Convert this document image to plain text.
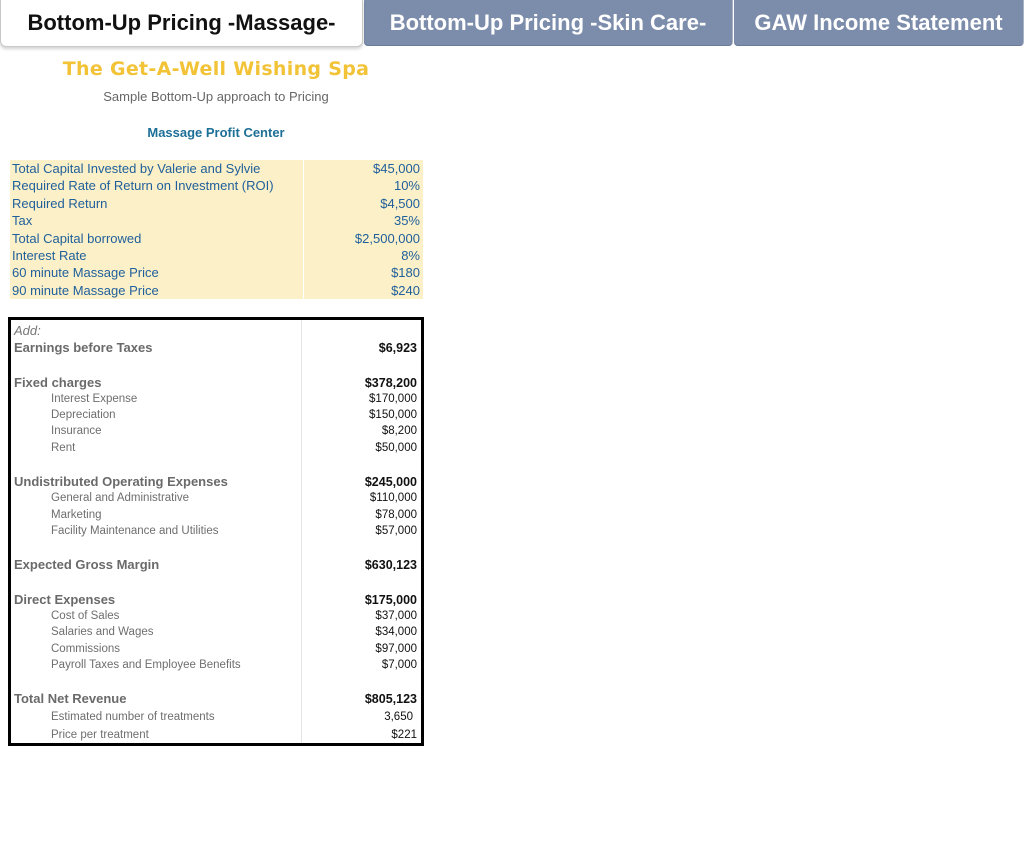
Bottom-Up Pricing -Massage-	Bottom-Up Pricing -Skin Care-	GAW Income Statement
The Get-A-Well Wishing Spa
Sample Bottom-Up approach to Pricing
Massage Profit Center
Total Capital Invested by Valerie and Sylvie	$45,000
Required Rate of Return on Investment (ROI)	10%
Required Return	$4,500
Tax	35%
Total Capital borrowed	$2,500,000
Interest Rate	8%
60 minute Massage Price	$180
90 minute Massage Price	$240
Add:
Earnings before Taxes	$6,923
Fixed charges	$378,200
Interest Expense	$170,000
Depreciation	$150,000
Insurance	$8,200
Rent	$50,000
Undistributed Operating Expenses	$245,000
General and Administrative	$110,000
Marketing	$78,000
Facility Maintenance and Utilities	$57,000
Expected Gross Margin	$630,123
Direct Expenses	$175,000
Cost of Sales	$37,000
Salaries and Wages	$34,000
Commissions	$97,000
Payroll Taxes and Employee Benefits	$7,000
Total Net Revenue	$805,123
Estimated number of treatments	3,650
Price per treatment	$221
